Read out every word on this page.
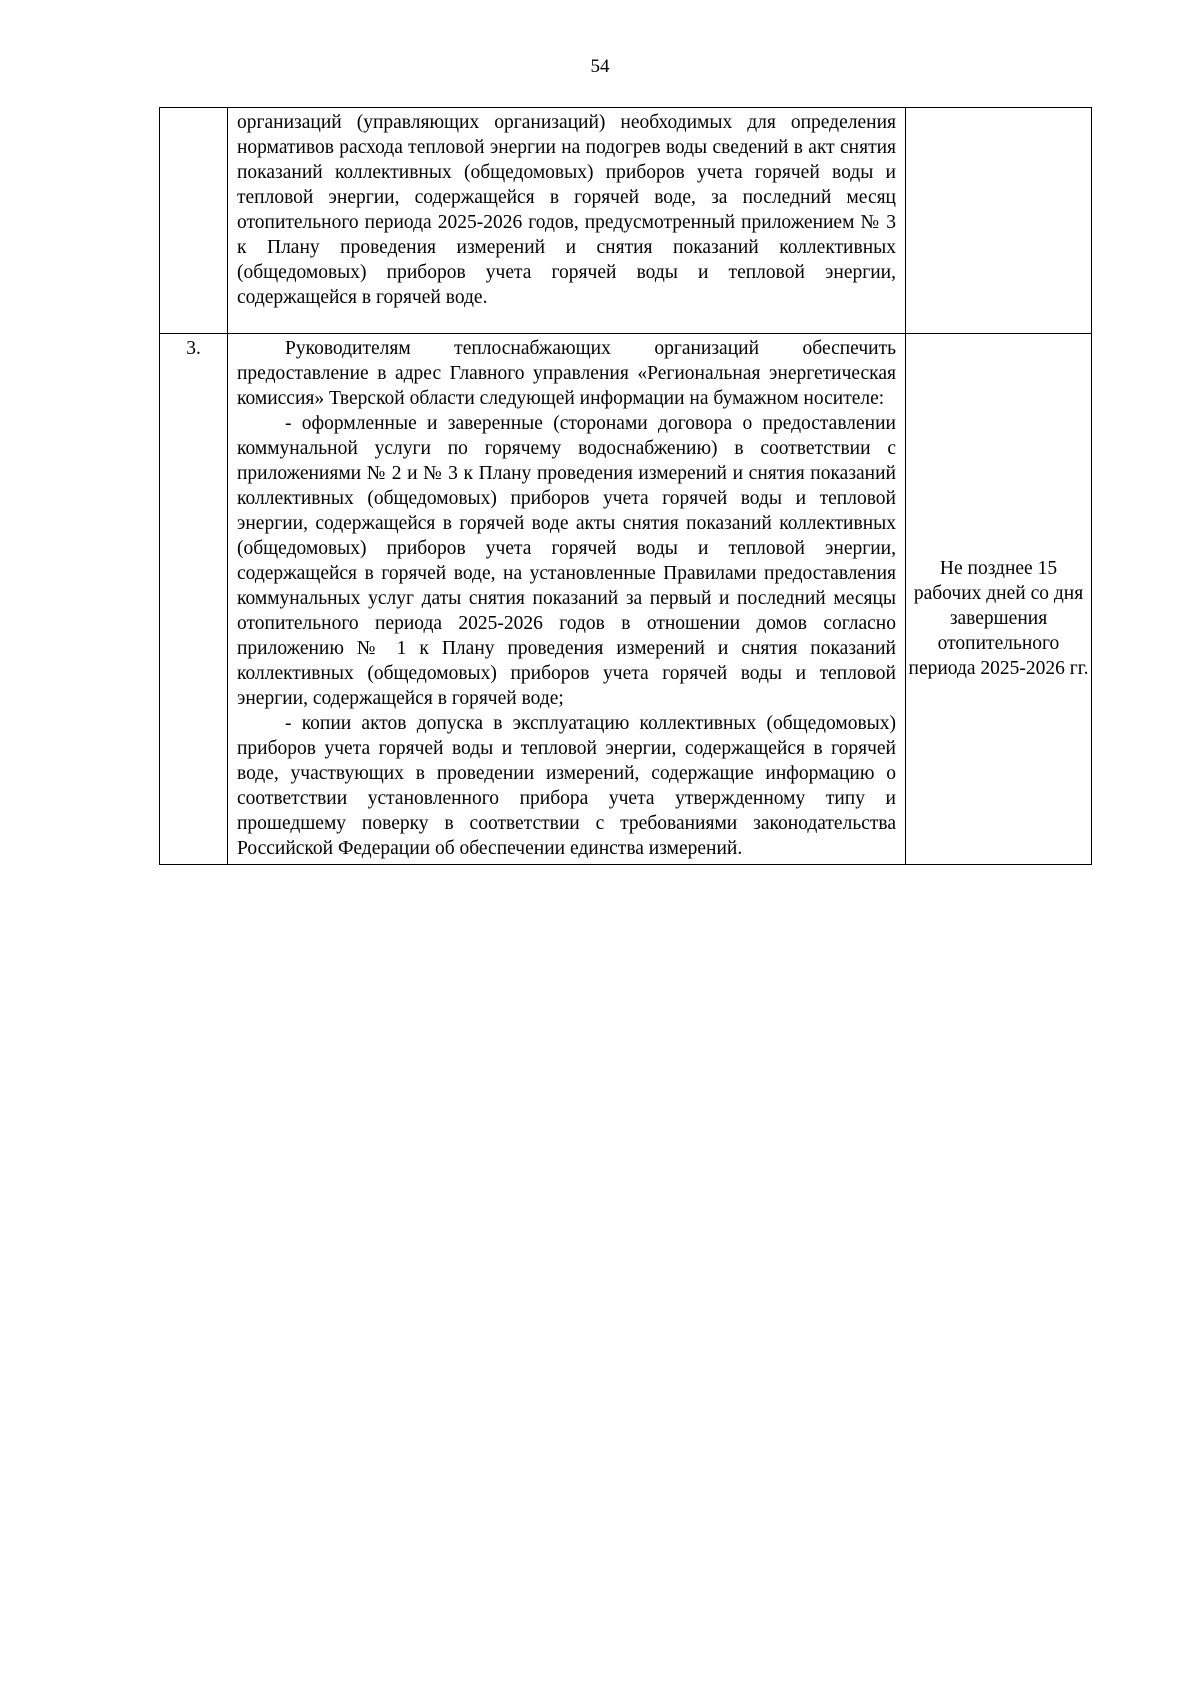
54

	организаций (управляющих организаций) необходимых для определения нормативов расхода тепловой энергии на подогрев воды сведений в акт снятия показаний коллективных (общедомовых) приборов учета горячей воды и тепловой энергии, содержащейся в горячей воде, за последний месяц отопительного периода 2025-2026 годов, предусмотренный приложением № 3 к Плану проведения измерений и снятия показаний коллективных (общедомовых) приборов учета горячей воды и тепловой энергии, содержащейся в горячей воде.	

3.	Руководителям теплоснабжающих организаций обеспечить предоставление в адрес Главного управления «Региональная энергетическая комиссия» Тверской области следующей информации на бумажном носителе:

- оформленные и заверенные (сторонами договора о предоставлении коммунальной услуги по горячему водоснабжению) в соответствии с приложениями № 2 и № 3 к Плану проведения измерений и снятия показаний коллективных (общедомовых) приборов учета горячей воды и тепловой энергии, содержащейся в горячей воде акты снятия показаний коллективных (общедомовых) приборов учета горячей воды и тепловой энергии, содержащейся в горячей воде, на установленные Правилами предоставления коммунальных услуг даты снятия показаний за первый и последний месяцы отопительного периода 2025-2026 годов в отношении домов согласно приложению № 1 к Плану проведения измерений и снятия показаний коллективных (общедомовых) приборов учета горячей воды и тепловой энергии, содержащейся в горячей воде;

- копии актов допуска в эксплуатацию коллективных (общедомовых) приборов учета горячей воды и тепловой энергии, содержащейся в горячей воде, участвующих в проведении измерений, содержащие информацию о соответствии установленного прибора учета утвержденному типу и прошедшему поверку в соответствии с требованиями законодательства Российской Федерации об обеспечении единства измерений.	Не позднее 15 рабочих дней со дня завершения отопительного периода 2025-2026 гг.
